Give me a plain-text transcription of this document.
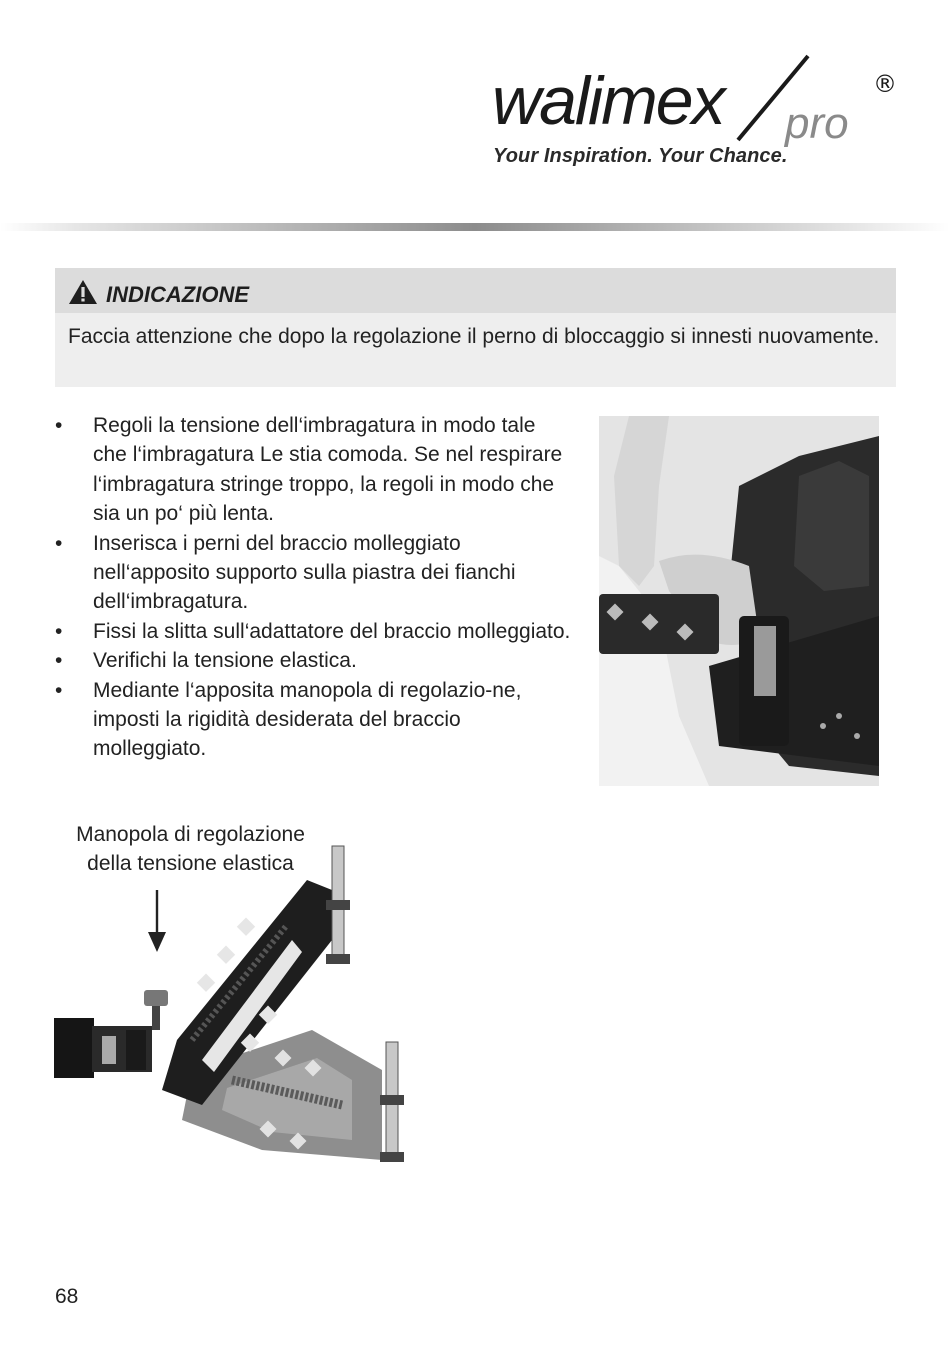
walimex pro
®
Your Inspiration. Your Chance.
INDICAZIONE
Faccia attenzione che dopo la regolazione il perno di bloccaggio si innesti nuovamente.
• Regoli la tensione dell‘imbragatura in modo tale che l‘imbragatura Le stia comoda. Se nel respirare l‘imbragatura stringe troppo, la regoli in modo che sia un po‘ più lenta.
• Inserisca i perni del braccio molleggiato nell‘apposito supporto sulla piastra dei fianchi dell‘imbragatura.
• Fissi la slitta sull‘adattatore del braccio molleggiato.
• Verifichi la tensione elastica.
• Mediante l‘apposita manopola di regolazio-ne, imposti la rigidità desiderata del braccio molleggiato.
Manopola di regolazione
della tensione elastica
68
